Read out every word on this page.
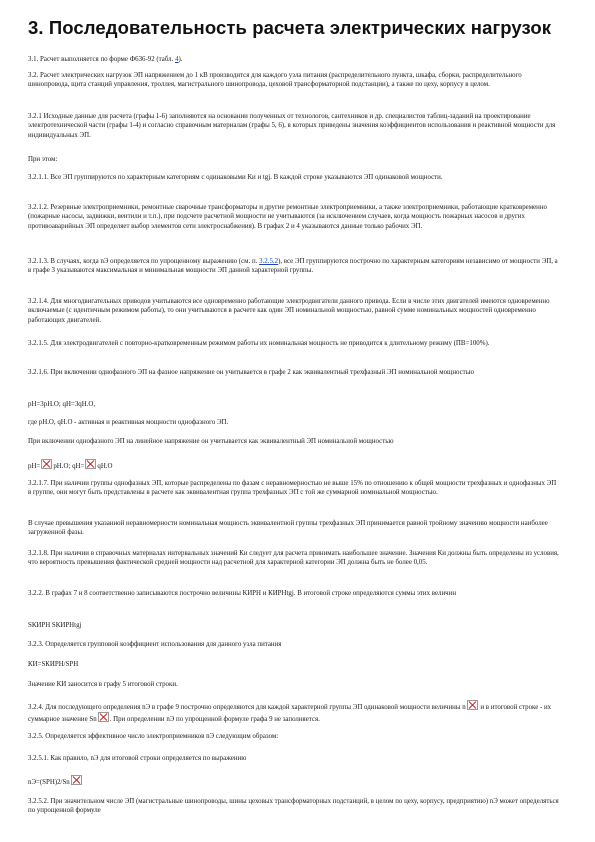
3. Последовательность расчета электрических нагрузок

3.1. Расчет выполняется по форме Ф636-92 (табл. 4).

3.2. Расчет электрических нагрузок ЭП напряжением до 1 кВ производится для каждого узла питания (распределительного пункта, шкафа, сборки, распределительного шинопровода, щита станций управления, троллея, магистрального шинопровода, цеховой трансформаторной подстанции), а также по цеху, корпусу в целом.

3.2.1 Исходные данные для расчета (графы 1-6) заполняются на основании полученных от технологов, сантехников и др. специалистов таблиц-заданий на проектирование электротехнической части (графы 1-4) и согласно справочным материалам (графы 5, 6), в которых приведены значения коэффициентов использования и реактивной мощности для индивидуальных ЭП.

При этом:

3.2.1.1. Все ЭП группируются по характерным категориям с одинаковыми Ки и tgj. В каждой строке указываются ЭП одинаковой мощности.

3.2.1.2. Резервные электроприемники, ремонтные сварочные трансформаторы и другие ремонтные электроприемники, а также электроприемники, работающие кратковременно (пожарные насосы, задвижки, вентили и т.п.), при подсчете расчетной мощности не учитываются (за исключением случаев, когда мощность пожарных насосов и других противоаварийных ЭП определяет выбор элементов сети электроснабжения). В графах 2 и 4 указываются данные только рабочих ЭП.

3.2.1.3. В случаях, когда nЭ определяется по упрощенному выражению (см. п. 3.2.5.2), все ЭП группируются построчно по характерным категориям независимо от мощности ЭП, а в графе 3 указываются максимальная и минимальная мощности ЭП данной характерной группы.

3.2.1.4. Для многодвигательных приводов учитываются все одновременно работающие электродвигатели данного привода. Если в числе этих двигателей имеются одновременно включаемые (с идентичным режимом работы), то они учитываются в расчете как один ЭП номинальной мощностью, равной сумме номинальных мощностей одновременно работающих двигателей.

3.2.1.5. Для электродвигателей с повторно-кратковременным режимом работы их номинальная мощность не приводится к длительному режиму (ПВ=100%).

3.2.1.6. При включении однофазного ЭП на фазное напряжение он учитывается в графе 2 как эквивалентный трехфазный ЭП номинальной мощностью

рН=3рН.О; qН=3qН.О,

где рН.О, qН.О - активная и реактивная мощности однофазного ЭП.

При включении однофазного ЭП на линейное напряжение он учитывается как эквивалентный ЭП номинальной мощностью

рН= рН.О; qН= qН.О

3.2.1.7. При наличии группы однофазных ЭП, которые распределены по фазам с неравномерностью не выше 15% по отношению к общей мощности трехфазных и однофазных ЭП в группе, они могут быть представлены в расчете как эквивалентная группа трехфазных ЭП с той же суммарной номинальной мощностью.

В случае превышения указанной неравномерности номинальная мощность эквивалентной группы трехфазных ЭП принимается равной тройному значению мощности наиболее загруженной фазы.

3.2.1.8. При наличии в справочных материалах интервальных значений Ки следует для расчета принимать наибольшее значение. Значения Ки должны быть определены из условия, что вероятность превышения фактической средней мощности над расчетной для характерной категории ЭП должна быть не более 0,05.

3.2.2. В графах 7 и 8 соответственно записываются построчно величины КИРН и КИРНtgj. В итоговой строке определяются суммы этих величин

SКИРН SКИРНtgj

3.2.3. Определяется групповой коэффициент использования для данного узла питания

КИ=SКИРН/SРН

Значение КИ заносится в графу 5 итоговой строки.

3.2.4. Для последующего определения nЭ в графе 9 построчно определяются для каждой характерной группы ЭП одинаковой мощности величины n и в итоговой строке - их суммарное значение Sn . При определении nЭ по упрощенной формуле графа 9 не заполняется.

3.2.5. Определяется эффективное число электроприемников nЭ следующим образом:

3.2.5.1. Как правило, nЭ для итоговой строки определяется по выражению

nЭ=(SPН)2/Sn

3.2.5.2. При значительном числе ЭП (магистральные шинопроводы, шины цеховых трансформаторных подстанций, в целом по цеху, корпусу, предприятию) nЭ может определяться по упрощенной формуле
